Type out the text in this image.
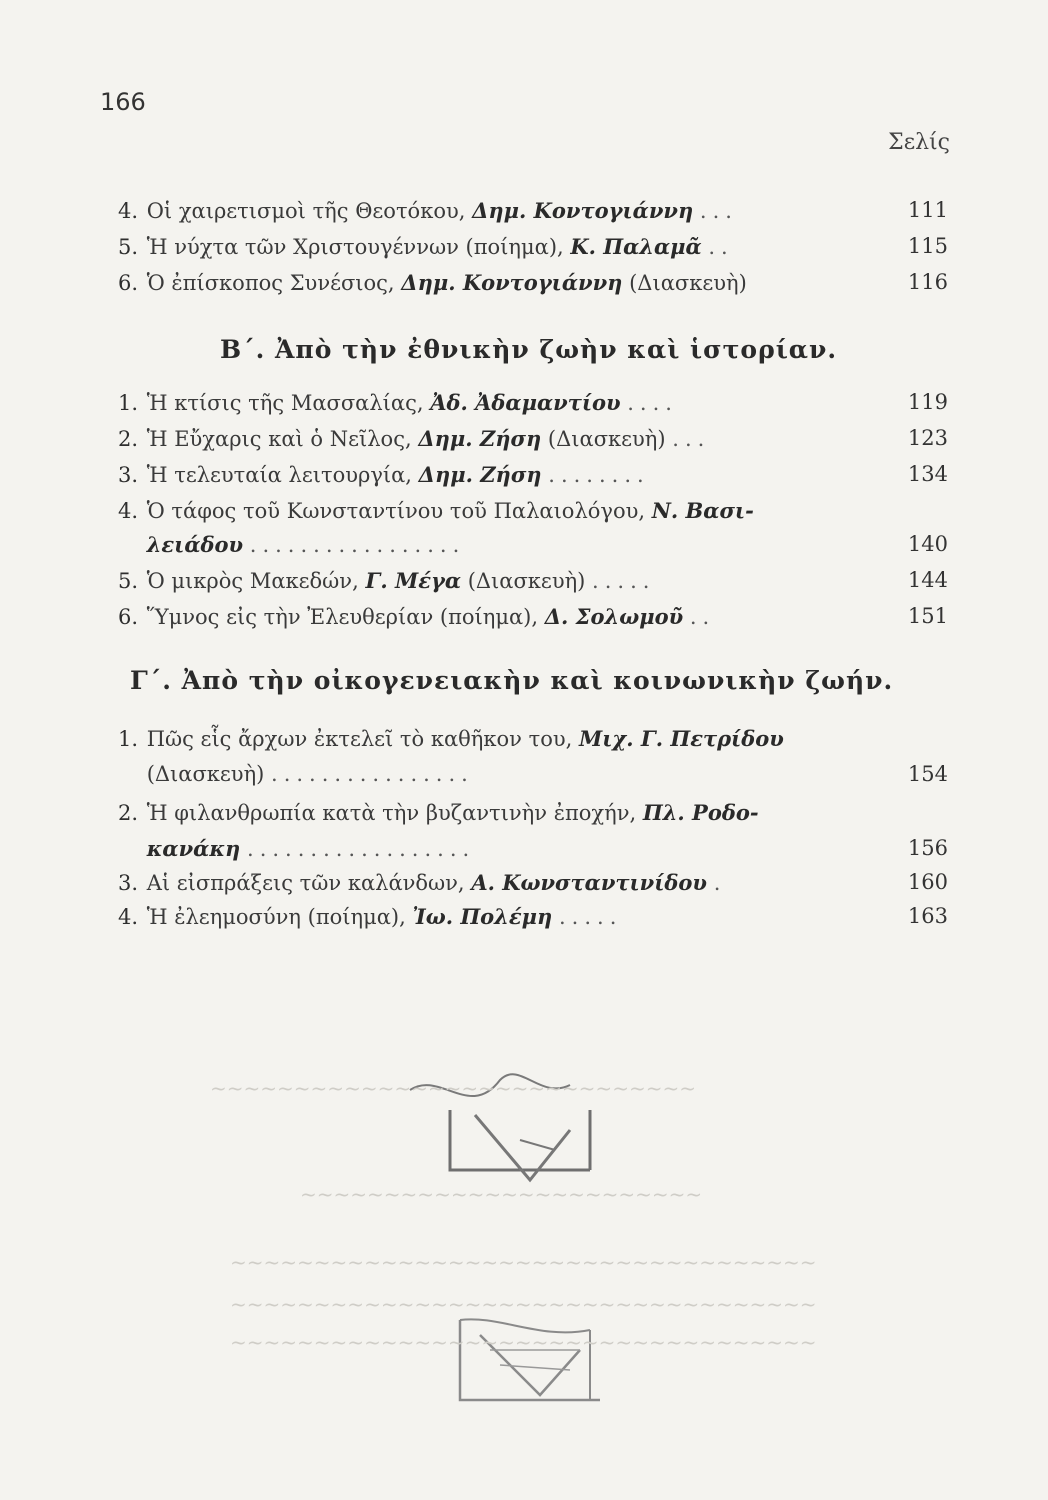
166
Σελίς
4. Οἱ χαιρετισμοὶ τῆς Θεοτόκου, Δημ. Κοντογιάννη ...	111
5. Ἡ νύχτα τῶν Χριστουγέννων (ποίημα), Κ. Παλαμᾶ ..	115
6. Ὁ ἐπίσκοπος Συνέσιος, Δημ. Κοντογιάννη (Διασκευὴ)	116
Β΄. Ἀπὸ τὴν ἐθνικὴν ζωὴν καὶ ἱστορίαν.
1. Ἡ κτίσις τῆς Μασσαλίας, Ἀδ. Ἀδαμαντίου ....	119
2. Ἡ Εὔχαρις καὶ ὁ Νεῖλος, Δημ. Ζήση (Διασκευὴ) ...	123
3. Ἡ τελευταία λειτουργία, Δημ. Ζήση ........	134
4. Ὁ τάφος τοῦ Κωνσταντίνου τοῦ Παλαιολόγου, Ν. Βασι-
λειάδου .................	140
5. Ὁ μικρὸς Μακεδών, Γ. Μέγα (Διασκευὴ) .....	144
6. Ὕμνος εἰς τὴν Ἐλευθερίαν (ποίημα), Δ. Σολωμοῦ ..	151
Γ΄. Ἀπὸ τὴν οἰκογενειακὴν καὶ κοινωνικὴν ζωήν.
1. Πῶς εἷς ἄρχων ἐκτελεῖ τὸ καθῆκον του, Μιχ. Γ. Πετρίδου
(Διασκευὴ) ................	154
2. Ἡ φιλανθρωπία κατὰ τὴν βυζαντινὴν ἐποχήν, Πλ. Ροδο-
κανάκη ..................	156
3. Αἱ εἰσπράξεις τῶν καλάνδων, Α. Κωνσταντινίδου .	160
4. Ἡ ἐλεημοσύνη (ποίημα), Ἰω. Πολέμη .....	163
~~~~~~~~~~~~~~~~~~~~~~~~~~~~~
~~~~~~~~~~~~~~~~~~~~~~~~
~~~~~~~~~~~~~~~~~~~~~~~~~~~~~~~~~~~
~~~~~~~~~~~~~~~~~~~~~~~~~~~~~~~~~~~
~~~~~~~~~~~~~~~~~~~~~~~~~~~~~~~~~~~
